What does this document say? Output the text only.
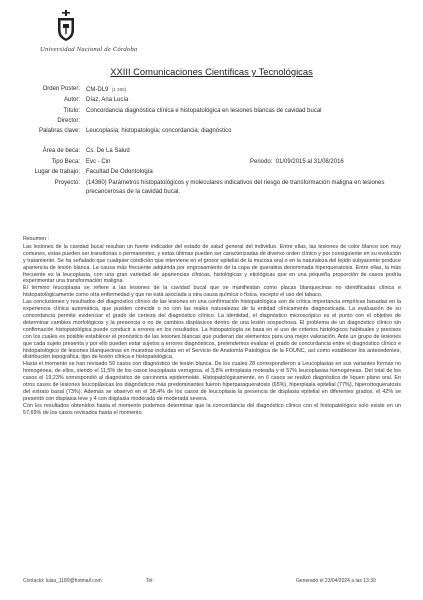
Universidad Nacional de Córdoba
XXIII Comunicaciones Científicas y Tecnológicas
Orden Poster: CM-DL9 (1 390)
Autor: Díaz, Ana Lucía
Título: Concordancia diagnóstica clínica e histopatológica en lesiones blancas de cavidad bucal
Director:
Palabras clave: Leucoplasia; histopatología; concordancia; diagnóstico
Área de beca: Cs. De La Salud
Tipo Beca: Evc - Cin	Periodo: 01/09/2015 al 31/08/2016
Lugar de trabajo: Facultad De Odontología
Proyecto: (14360) Parámetros histopatológicos y moleculares indicativos del riesgo de transformación maligna en lesiones
precancerosas de la cavidad bucal.

Resumen :

Las lesiones de la cavidad bucal resultan un fuerte indicador del estado de salud general del individuo. Entre ellas, las lesiones de color blanco son muy comunes, estas pueden ser transitorias o permanentes, y estas últimas pueden ser caracterizadas de diverso orden clínico y por consiguiente en su evolución y tratamiento. Se ha señalado que cualquier condición que interviene en el grosor epitelial de la mucosa oral o en la naturaleza del tejido subyacente produce apariencia de lesión blanca. La causa más frecuente adquirida por engrosamiento de la capa de queratina denominada hiperqueratosis. Entre ellas, la más frecuente es la leucoplasia, con una gran variedad de apariencias clínicas, histológicas y etiológicas que en una pequeña proporción de casos podría experimentar una transformación maligna.

El término leucoplasia se refiere a las lesiones de la cavidad bucal que se manifiestan como placas blanquecinas no identificadas clínica e histopatológicamente como otra enfermedad y que no está asociada a otra causa química o física, excepto el uso del tabaco.

Las conclusiones y resultados del diagnóstico clínico de las lesiones en una confirmación histopatológica son de crítica importancia empíricas basadas en la experiencia clínica automática, que pueden coincidir o no con las reales naturalezas de la entidad clínicamente diagnosticada. La evaluación de su concordancia permite evidenciar el grado de certeza del diagnóstico clínico. La identidad, el diagnóstico microscópico es el punto con el objetivo de determinar cambios morfológicos y la presencia o no de cambios displásicos dentro de una lesión sospechosa. El problema de un diagnóstico clínico sin confirmación histopatológica puede conducir a errores en los resultados. La histopatología se basa en el uso de criterios histológicos habituales y precisos con los cuales es posible establecer el pronóstico de las lesiones blancas que pudieran dar elementos para una mejor valoración. Ante un grupo de lesiones que cada sujeto presenta y por ello pueden estar sujetos a errores diagnósticos, pretendemos evaluar el grado de concordancia entre el diagnóstico clínico e histopatológico de lesiones blanquecinas en muestras incluidas en el Servicio de Anatomía Patológica de la FOUNC, así como establecer los antecedentes, distribución topográfica, tipo de lesión clínica e histopatológica.

Hasta el momento se han revisado 50 casos con diagnóstico de lesión blanca. De los cuales 28 correspondieron a Leucoplasias en sus variantes formas no homogénea, de ellos, siendo el 11,5% de los casos leucoplasia verrugosa, el 3,8% eritroplasia moteada y el 57% leucoplasias homogéneas. Del total de los casos el 19,23% correspondió al diagnóstico de carcinoma epidermoide. Histopatológicamente, en 6 casos se realizó diagnóstico de liquen plano oral. En otros casos de lesiones leucoplásicas los diagnósticos más predominantes fueron hiperparaqueratosis (65%), hiperplasia epitelial (77%), hiperortoqueratosis del estrato basal (73%). Además se observó en el 38,4% de los casos de leucoplasia la presencia de displasia epitelial en diferentes grados, el 42% se presentó con displasia leve y 4 con displasia moderada de moderada severa.

Con los resultados obtenidos hasta el momento podemos determinar que la concordancia del diagnóstico clínico con el histopatológico solo existe en un 57,69% de los casos revisados hasta el momento.

Contacto: luisa_1189@hotmail.com	Tel:	Generado el 23/04/2024 a las 13:30
